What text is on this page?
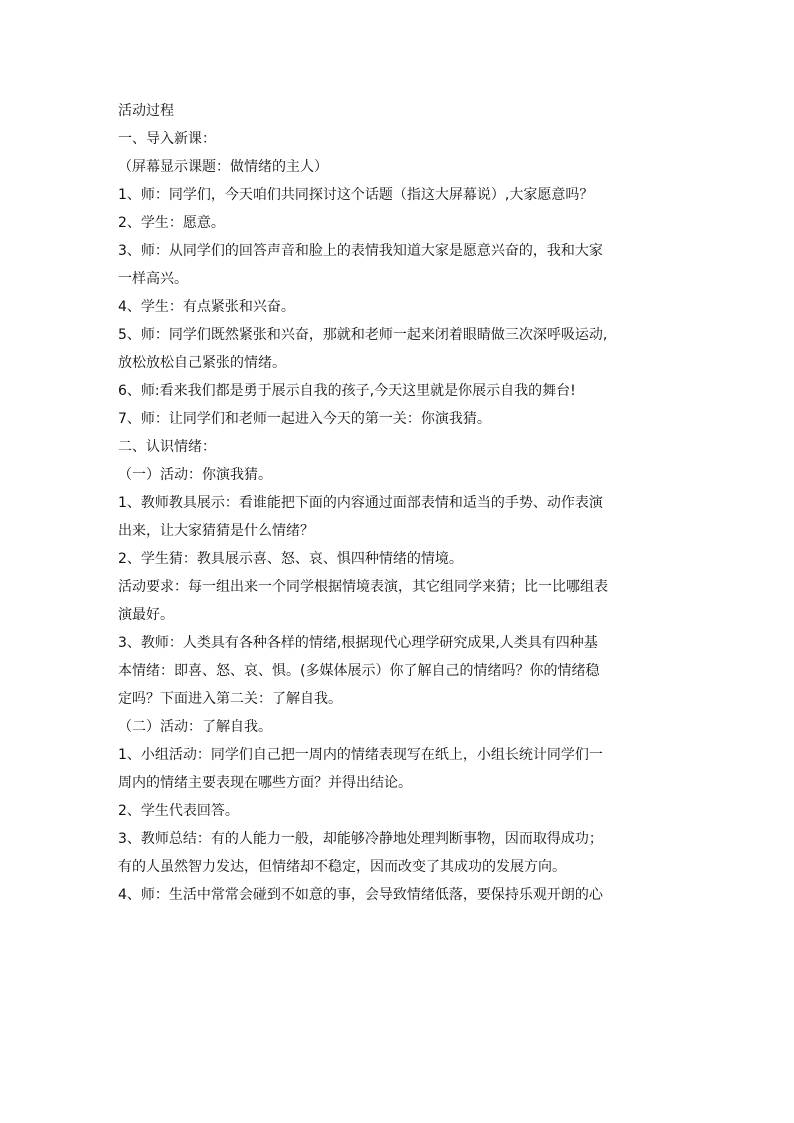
活动过程
一、导入新课：
（屏幕显示课题：做情绪的主人）
1、师：同学们，今天咱们共同探讨这个话题（指这大屏幕说）,大家愿意吗？
2、学生：愿意。
3、师：从同学们的回答声音和脸上的表情我知道大家是愿意兴奋的，我和大家
一样高兴。
4、学生：有点紧张和兴奋。
5、师：同学们既然紧张和兴奋，那就和老师一起来闭着眼睛做三次深呼吸运动,
放松放松自己紧张的情绪。
6、师:看来我们都是勇于展示自我的孩子,今天这里就是你展示自我的舞台!
7、师：让同学们和老师一起进入今天的第一关：你演我猜。
二、认识情绪：
（一）活动：你演我猜。
1、教师教具展示：看谁能把下面的内容通过面部表情和适当的手势、动作表演
出来，让大家猜猜是什么情绪？
2、学生猜：教具展示喜、怒、哀、惧四种情绪的情境。
活动要求：每一组出来一个同学根据情境表演，其它组同学来猜；比一比哪组表
演最好。
3、教师：人类具有各种各样的情绪,根据现代心理学研究成果,人类具有四种基
本情绪：即喜、怒、哀、惧。(多媒体展示）你了解自己的情绪吗？你的情绪稳
定吗？下面进入第二关：了解自我。
（二）活动：了解自我。
1、小组活动：同学们自己把一周内的情绪表现写在纸上，小组长统计同学们一
周内的情绪主要表现在哪些方面？并得出结论。
2、学生代表回答。
3、教师总结：有的人能力一般，却能够冷静地处理判断事物，因而取得成功；
有的人虽然智力发达，但情绪却不稳定，因而改变了其成功的发展方向。
4、师：生活中常常会碰到不如意的事，会导致情绪低落，要保持乐观开朗的心
